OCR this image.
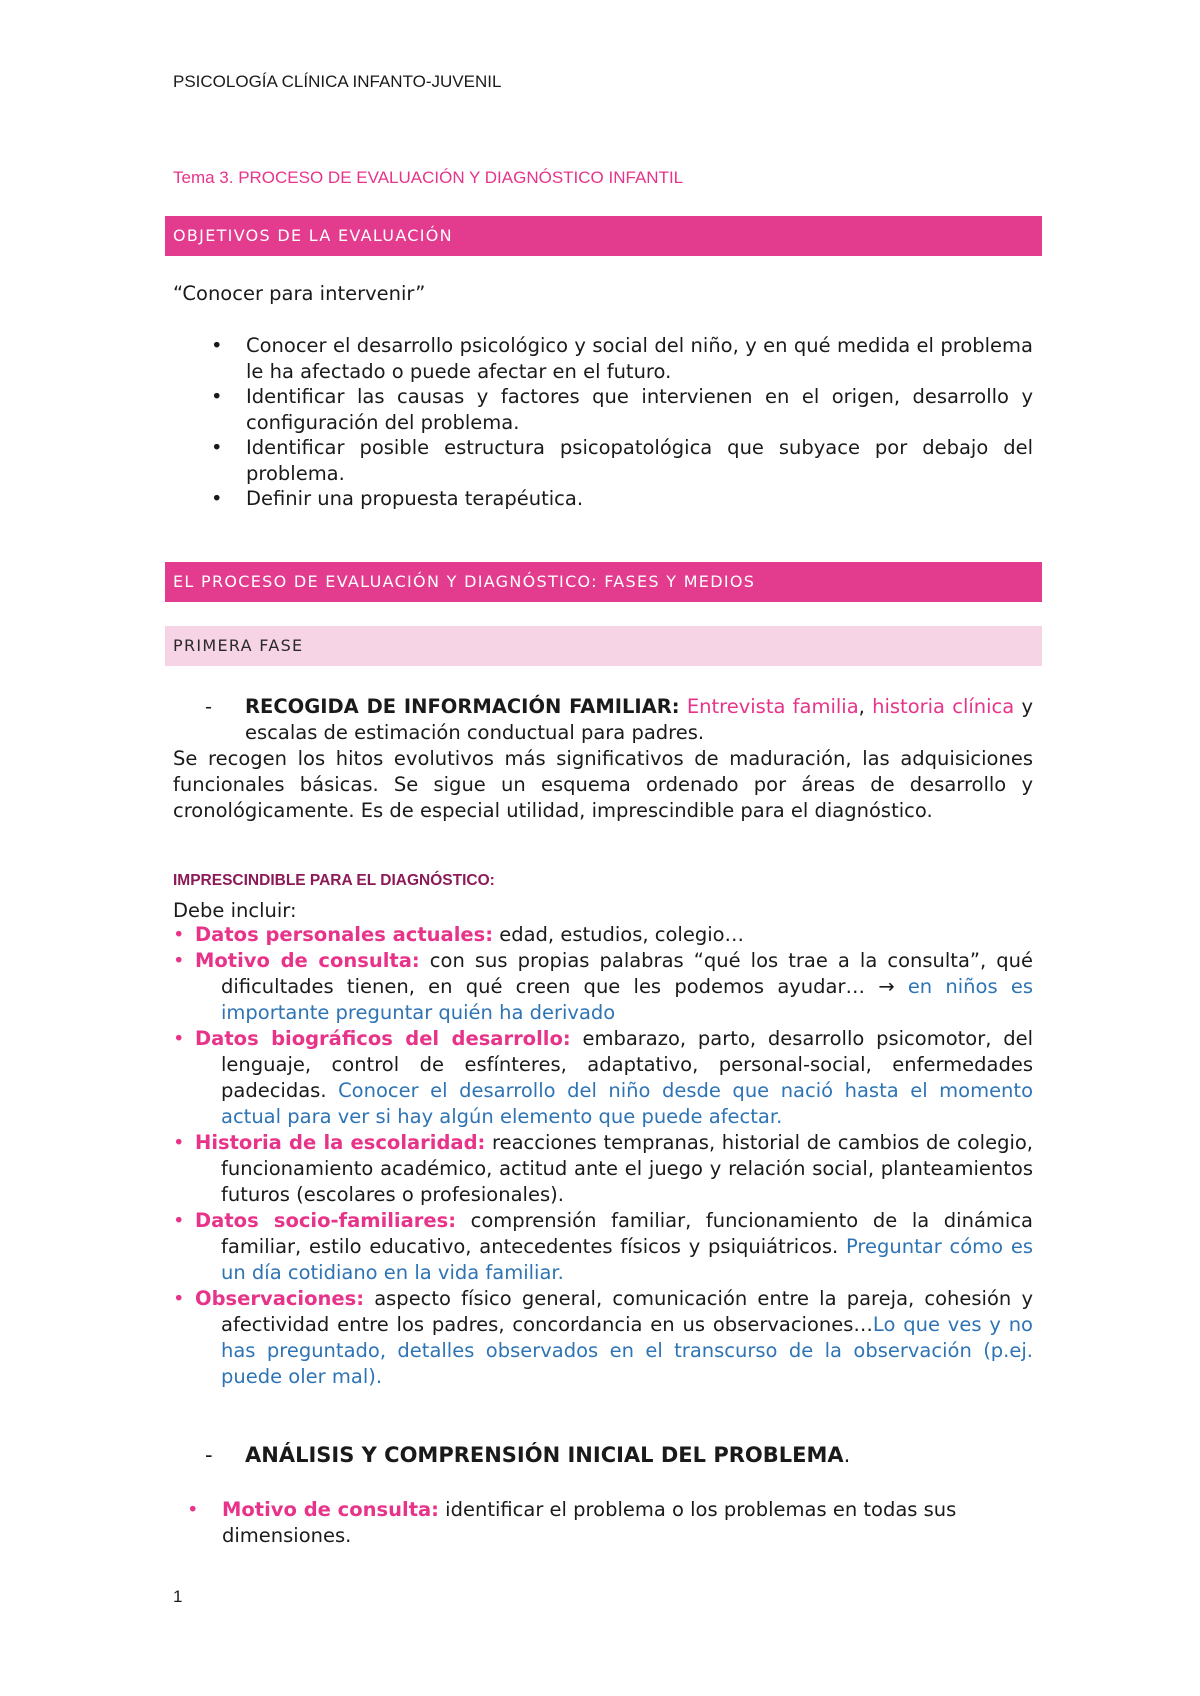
PSICOLOGÍA CLÍNICA INFANTO-JUVENIL
Tema 3. PROCESO DE EVALUACIÓN Y DIAGNÓSTICO INFANTIL
OBJETIVOS DE LA EVALUACIÓN
“Conocer para intervenir”
• Conocer el desarrollo psicológico y social del niño, y en qué medida el problema le ha afectado o puede afectar en el futuro.
• Identificar las causas y factores que intervienen en el origen, desarrollo y configuración del problema.
• Identificar posible estructura psicopatológica que subyace por debajo del problema.
• Definir una propuesta terapéutica.
EL PROCESO DE EVALUACIÓN Y DIAGNÓSTICO: FASES Y MEDIOS
PRIMERA FASE
-	RECOGIDA DE INFORMACIÓN FAMILIAR: Entrevista familia, historia clínica y escalas de estimación conductual para padres.
Se recogen los hitos evolutivos más significativos de maduración, las adquisiciones funcionales básicas. Se sigue un esquema ordenado por áreas de desarrollo y cronológicamente. Es de especial utilidad, imprescindible para el diagnóstico.
IMPRESCINDIBLE PARA EL DIAGNÓSTICO:
Debe incluir:
• Datos personales actuales: edad, estudios, colegio…
• Motivo de consulta: con sus propias palabras “qué los trae a la consulta”, qué dificultades tienen, en qué creen que les podemos ayudar… → en niños es importante preguntar quién ha derivado
• Datos biográficos del desarrollo: embarazo, parto, desarrollo psicomotor, del lenguaje, control de esfínteres, adaptativo, personal-social, enfermedades padecidas. Conocer el desarrollo del niño desde que nació hasta el momento actual para ver si hay algún elemento que puede afectar.
• Historia de la escolaridad: reacciones tempranas, historial de cambios de colegio, funcionamiento académico, actitud ante el juego y relación social, planteamientos futuros (escolares o profesionales).
• Datos socio-familiares: comprensión familiar, funcionamiento de la dinámica familiar, estilo educativo, antecedentes físicos y psiquiátricos. Preguntar cómo es un día cotidiano en la vida familiar.
• Observaciones: aspecto físico general, comunicación entre la pareja, cohesión y afectividad entre los padres, concordancia en us observaciones…Lo que ves y no has preguntado, detalles observados en el transcurso de la observación (p.ej. puede oler mal).
- ANÁLISIS Y COMPRENSIÓN INICIAL DEL PROBLEMA.
• Motivo de consulta: identificar el problema o los problemas en todas sus dimensiones.
1
